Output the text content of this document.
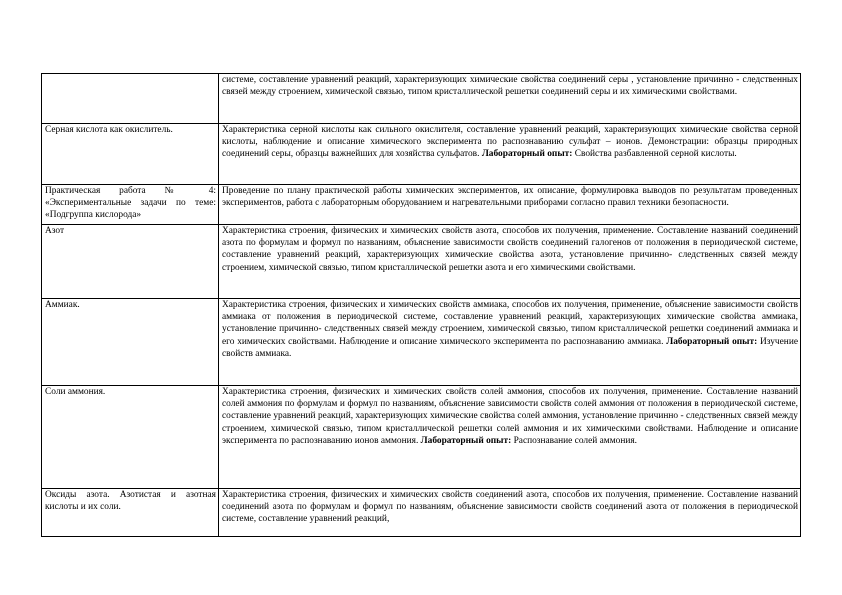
	системе, составление уравнений реакций, характеризующих химические свойства соединений серы , установление причинно - следственных связей между строением, химической связью, типом кристаллической решетки соединений серы и их химическими свойствами.
Серная кислота как окислитель.	Характеристика серной кислоты как сильного окислителя, составление уравнений реакций, характеризующих химические свойства серной кислоты, наблюдение и описание химического эксперимента по распознаванию сульфат – ионов. Демонстрации: образцы природных соединений серы, образцы важнейших для хозяйства сульфатов. Лабораторный опыт: Свойства разбавленной серной кислоты.
Практическая работа № 4: «Экспериментальные задачи по теме: «Подгруппа кислорода»	Проведение по плану практической работы химических экспериментов, их описание, формулировка выводов по результатам проведенных экспериментов, работа с лабораторным оборудованием и нагревательными приборами согласно правил техники безопасности.
Азот	Характеристика строения, физических и химических свойств азота, способов их получения, применение. Составление названий соединений азота по формулам и формул по названиям, объяснение зависимости свойств соединений галогенов от положения в периодической системе, составление уравнений реакций, характеризующих химические свойства азота, установление причинно- следственных связей между строением, химической связью, типом кристаллической решетки азота и его химическими свойствами.
Аммиак.	Характеристика строения, физических и химических свойств аммиака, способов их получения, применение, объяснение зависимости свойств аммиака от положения в периодической системе, составление уравнений реакций, характеризующих химические свойства аммиака, установление причинно- следственных связей между строением, химической связью, типом кристаллической решетки соединений аммиака и его химических свойствами. Наблюдение и описание химического эксперимента по распознаванию аммиака. Лабораторный опыт: Изучение свойств аммиака.
Соли аммония.	Характеристика строения, физических и химических свойств солей аммония, способов их получения, применение. Составление названий солей аммония по формулам и формул по названиям, объяснение зависимости свойств солей аммония от положения в периодической системе, составление уравнений реакций, характеризующих химические свойства солей аммония, установление причинно - следственных связей между строением, химической связью, типом кристаллической решетки солей аммония и их химическими свойствами. Наблюдение и описание эксперимента по распознаванию ионов аммония. Лабораторный опыт: Распознавание солей аммония.
Оксиды азота. Азотистая и азотная кислоты и их соли.	Характеристика строения, физических и химических свойств соединений азота, способов их получения, применение. Составление названий соединений азота по формулам и формул по названиям, объяснение зависимости свойств соединений азота от положения в периодической системе, составление уравнений реакций,
